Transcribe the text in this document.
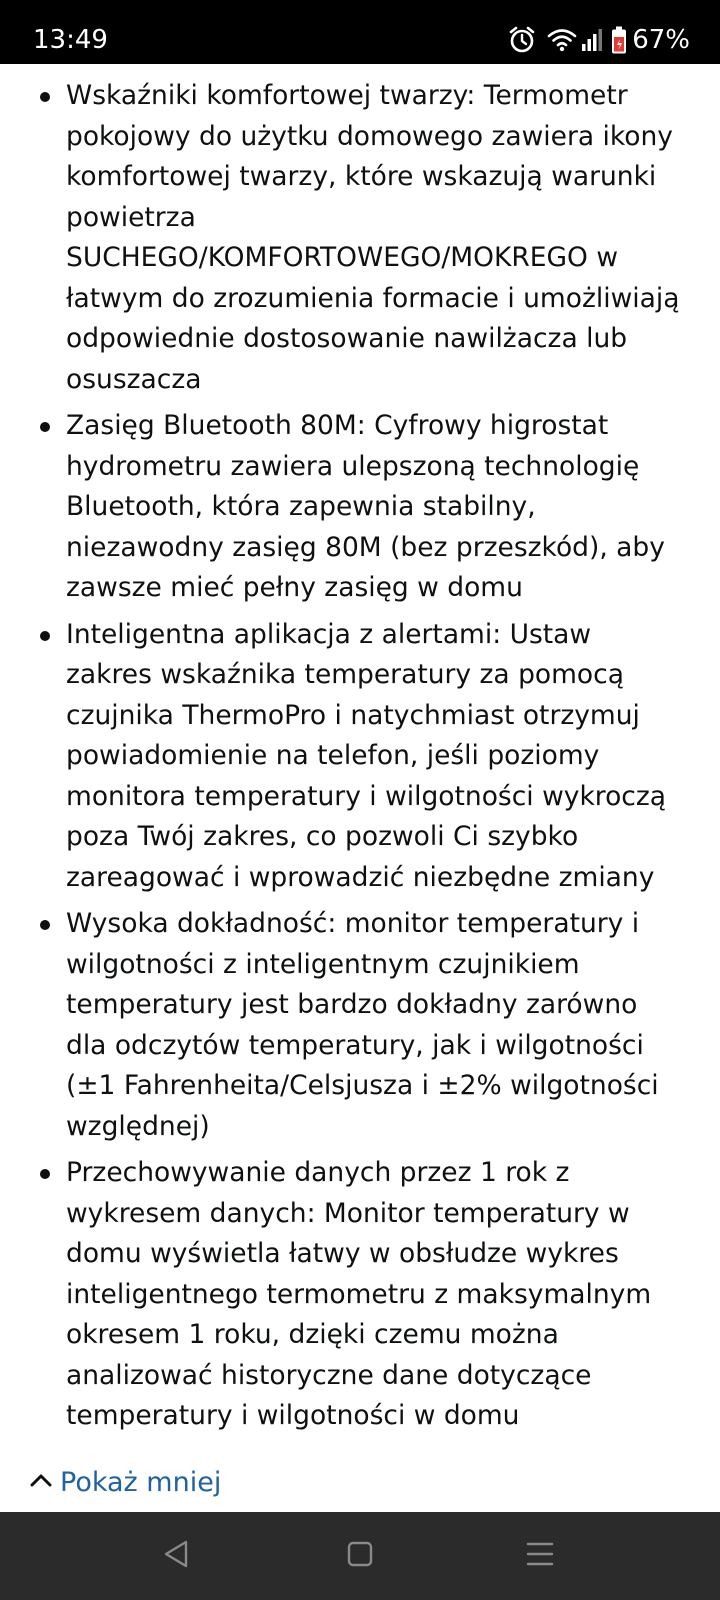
13:49	67%
Wskaźniki komfortowej twarzy: Termometr pokojowy do użytku domowego zawiera ikony komfortowej twarzy, które wskazują warunki powietrza SUCHEGO/KOMFORTOWEGO/MOKREGO w łatwym do zrozumienia formacie i umożliwiają odpowiednie dostosowanie nawilżacza lub osuszacza
Zasięg Bluetooth 80M: Cyfrowy higrostat hydrometru zawiera ulepszoną technologię Bluetooth, która zapewnia stabilny, niezawodny zasięg 80M (bez przeszkód), aby zawsze mieć pełny zasięg w domu
Inteligentna aplikacja z alertami: Ustaw zakres wskaźnika temperatury za pomocą czujnika ThermoPro i natychmiast otrzymuj powiadomienie na telefon, jeśli poziomy monitora temperatury i wilgotności wykroczą poza Twój zakres, co pozwoli Ci szybko zareagować i wprowadzić niezbędne zmiany
Wysoka dokładność: monitor temperatury i wilgotności z inteligentnym czujnikiem temperatury jest bardzo dokładny zarówno dla odczytów temperatury, jak i wilgotności (±1 Fahrenheita/Celsjusza i ±2% wilgotności względnej)
Przechowywanie danych przez 1 rok z wykresem danych: Monitor temperatury w domu wyświetla łatwy w obsłudze wykres inteligentnego termometru z maksymalnym okresem 1 roku, dzięki czemu można analizować historyczne dane dotyczące temperatury i wilgotności w domu
Pokaż mniej
